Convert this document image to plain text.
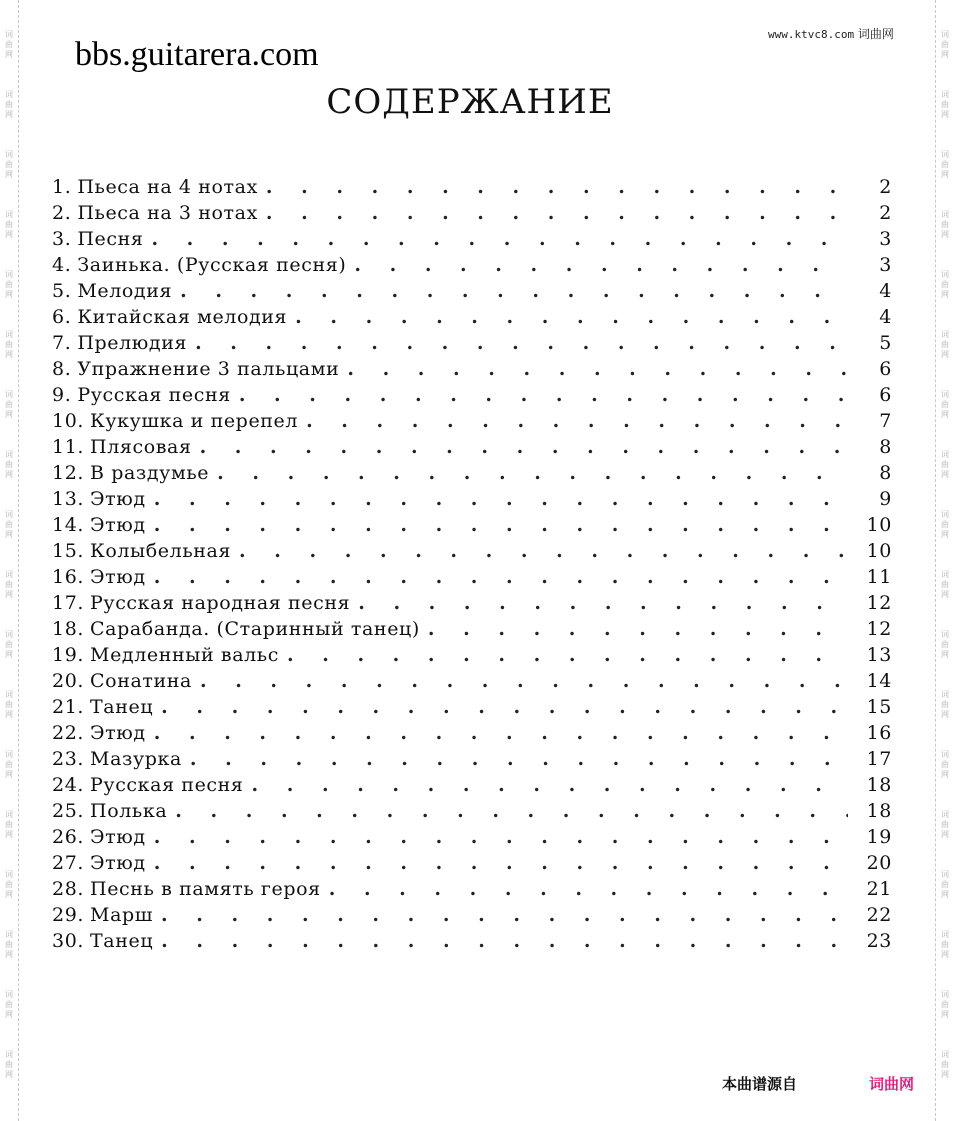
词曲网
词曲网
词曲网
词曲网
词曲网
词曲网
词曲网
词曲网
词曲网
词曲网
词曲网
词曲网
词曲网
词曲网
词曲网
词曲网
词曲网
词曲网
词曲网
词曲网
词曲网
词曲网
词曲网
词曲网
词曲网
词曲网
词曲网
词曲网
词曲网
词曲网
词曲网
词曲网
词曲网
词曲网
词曲网
词曲网
bbs.guitarera.com
www.ktvc8.com 词曲网
СОДЕРЖАНИЕ
1. Пьеса на 4 нотах . . .	2
2. Пьеса на 3 нотах . . .	2
3. Песня . . .	3
4. Заинька. (Русская песня) . . .	3
5. Мелодия . . .	4
6. Китайская мелодия . . .	4
7. Прелюдия . . .	5
8. Упражнение 3 пальцами . . .	6
9. Русская песня . . .	6
10. Кукушка и перепел . . .	7
11. Плясовая . . .	8
12. В раздумье . . .	8
13. Этюд . . .	9
14. Этюд . . .	10
15. Колыбельная . . .	10
16. Этюд . . .	11
17. Русская народная песня . . .	12
18. Сарабанда. (Старинный танец) . . .	12
19. Медленный вальс . . .	13
20. Сонатина . . .	14
21. Танец . . .	15
22. Этюд . . .	16
23. Мазурка . . .	17
24. Русская песня . . .	18
25. Полька . . .	18
26. Этюд . . .	19
27. Этюд . . .	20
28. Песнь в память героя . . .	21
29. Марш . . .	22
30. Танец . . .	23
本曲谱源自	词曲网
